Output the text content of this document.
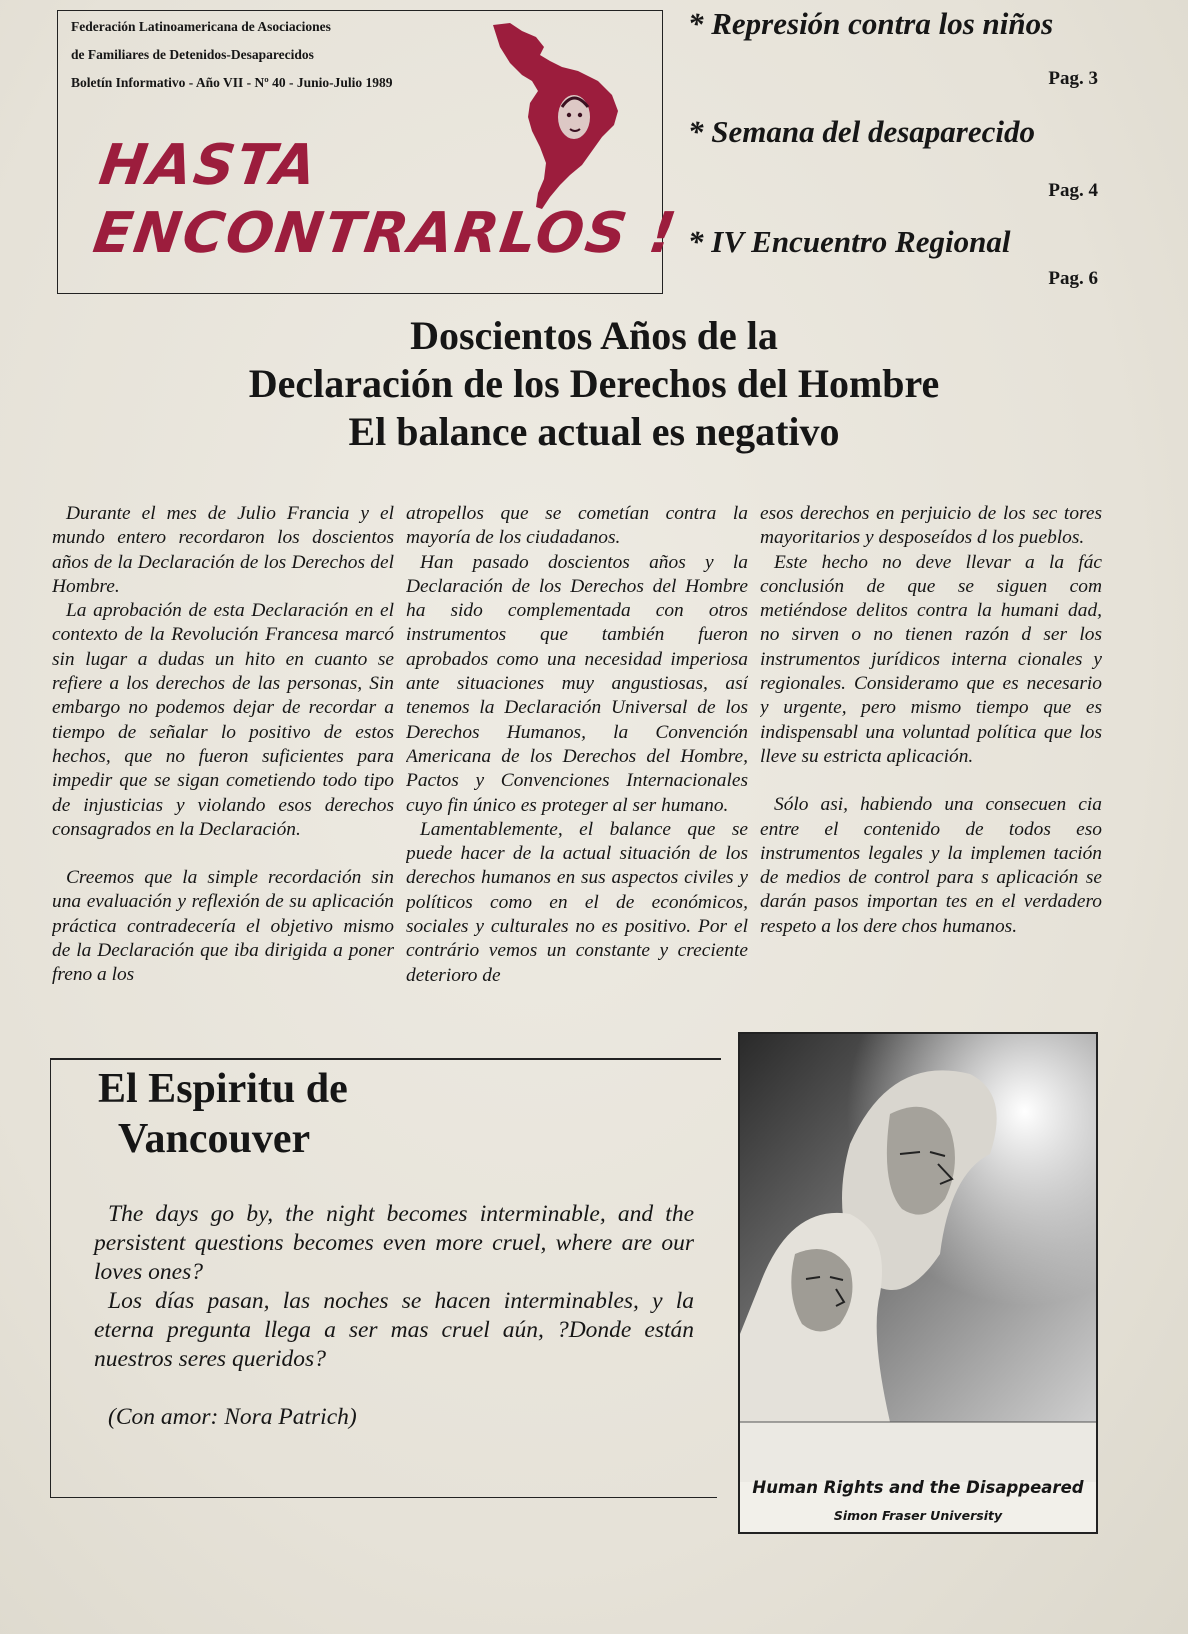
Federación Latinoamericana de Asociaciones
de Familiares de Detenidos-Desaparecidos
Boletín Informativo - Año VII - Nº 40 - Junio-Julio 1989
HASTA
ENCONTRARLOS !
* Represión contra los niños
Pag. 3
* Semana del desaparecido
Pag. 4
* IV Encuentro Regional
Pag. 6
Doscientos Años de la
Declaración de los Derechos del Hombre
El balance actual es negativo

Durante el mes de Julio Francia y el mundo entero recordaron los doscientos años de la Declaración de los Derechos del Hombre.

La aprobación de esta Declaración en el contexto de la Revolución Francesa marcó sin lugar a dudas un hito en cuanto se refiere a los derechos de las personas, Sin embargo no podemos dejar de recordar a tiempo de señalar lo positivo de estos hechos, que no fueron suficientes para impedir que se sigan cometiendo todo tipo de injusticias y violando esos derechos consagrados en la Declaración.

Creemos que la simple recordación sin una evaluación y reflexión de su aplicación práctica contradecería el objetivo mismo de la Declaración que iba dirigida a poner freno a los

atropellos que se cometían contra la mayoría de los ciudadanos.

Han pasado doscientos años y la Declaración de los Derechos del Hombre ha sido complementada con otros instrumentos que también fueron aprobados como una necesidad imperiosa ante situaciones muy angustiosas, así tenemos la Declaración Universal de los Derechos Humanos, la Convención Americana de los Derechos del Hombre, Pactos y Convenciones Internacionales cuyo fin único es proteger al ser humano.

Lamentablemente, el balance que se puede hacer de la actual situación de los derechos humanos en sus aspectos civiles y políticos como en el de económicos, sociales y culturales no es positivo. Por el contrário vemos un constante y creciente deterioro de

esos derechos en perjuicio de los sec tores mayoritarios y desposeídos d los pueblos.

Este hecho no deve llevar a la fác conclusión de que se siguen com metiéndose delitos contra la humani dad, no sirven o no tienen razón d ser los instrumentos jurídicos interna cionales y regionales. Consideramo que es necesario y urgente, pero mismo tiempo que es indispensabl una voluntad política que los lleve su estricta aplicación.

Sólo asi, habiendo una consecuen cia entre el contenido de todos eso instrumentos legales y la implemen tación de medios de control para s aplicación se darán pasos importan tes en el verdadero respeto a los dere chos humanos.

El Espiritu de
Vancouver

The days go by, the night becomes interminable, and the persistent questions becomes even more cruel, where are our loves ones?

Los días pasan, las noches se hacen interminables, y la eterna pregunta llega a ser mas cruel aún, ?Donde están nuestros seres queridos?

(Con amor: Nora Patrich)
Human Rights and the Disappeared
Simon Fraser University
